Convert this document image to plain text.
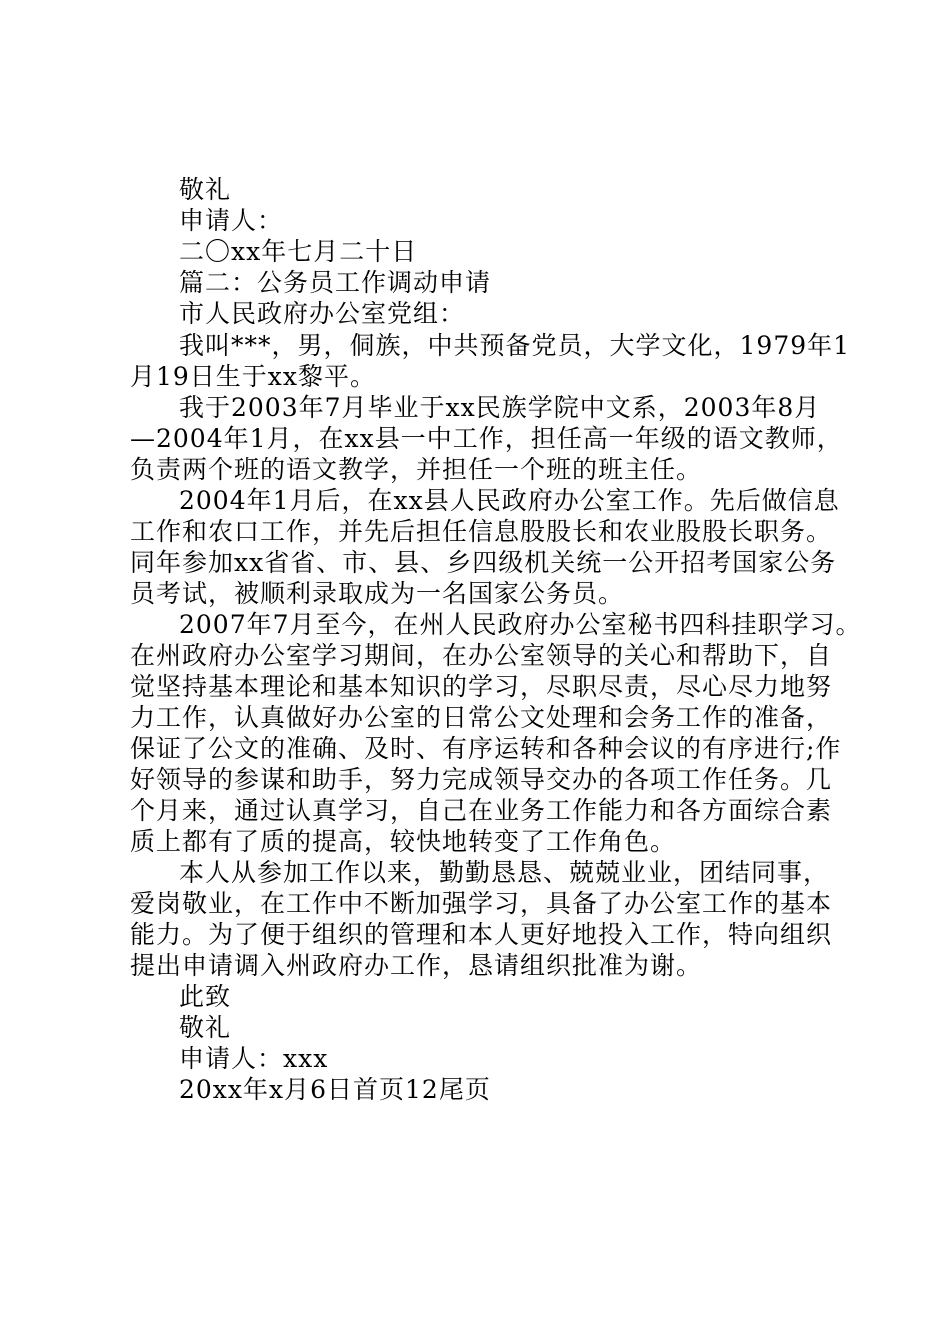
敬礼
申请人：
二〇xx年七月二十日
篇二：公务员工作调动申请
市人民政府办公室党组：
我叫***，男，侗族，中共预备党员，大学文化，1979年1
月19日生于xx黎平。
我于2003年7月毕业于xx民族学院中文系，2003年8月
—2004年1月，在xx县一中工作，担任高一年级的语文教师，
负责两个班的语文教学，并担任一个班的班主任。
2004年1月后，在xx县人民政府办公室工作。先后做信息
工作和农口工作，并先后担任信息股股长和农业股股长职务。
同年参加xx省省、市、县、乡四级机关统一公开招考国家公务
员考试，被顺利录取成为一名国家公务员。
2007年7月至今，在州人民政府办公室秘书四科挂职学习。
在州政府办公室学习期间，在办公室领导的关心和帮助下，自
觉坚持基本理论和基本知识的学习，尽职尽责，尽心尽力地努
力工作，认真做好办公室的日常公文处理和会务工作的准备，
保证了公文的准确、及时、有序运转和各种会议的有序进行;作
好领导的参谋和助手，努力完成领导交办的各项工作任务。几
个月来，通过认真学习，自己在业务工作能力和各方面综合素
质上都有了质的提高，较快地转变了工作角色。
本人从参加工作以来，勤勤恳恳、兢兢业业，团结同事，
爱岗敬业，在工作中不断加强学习，具备了办公室工作的基本
能力。为了便于组织的管理和本人更好地投入工作，特向组织
提出申请调入州政府办工作，恳请组织批准为谢。
此致
敬礼
申请人：xxx
20xx年x月6日首页12尾页
